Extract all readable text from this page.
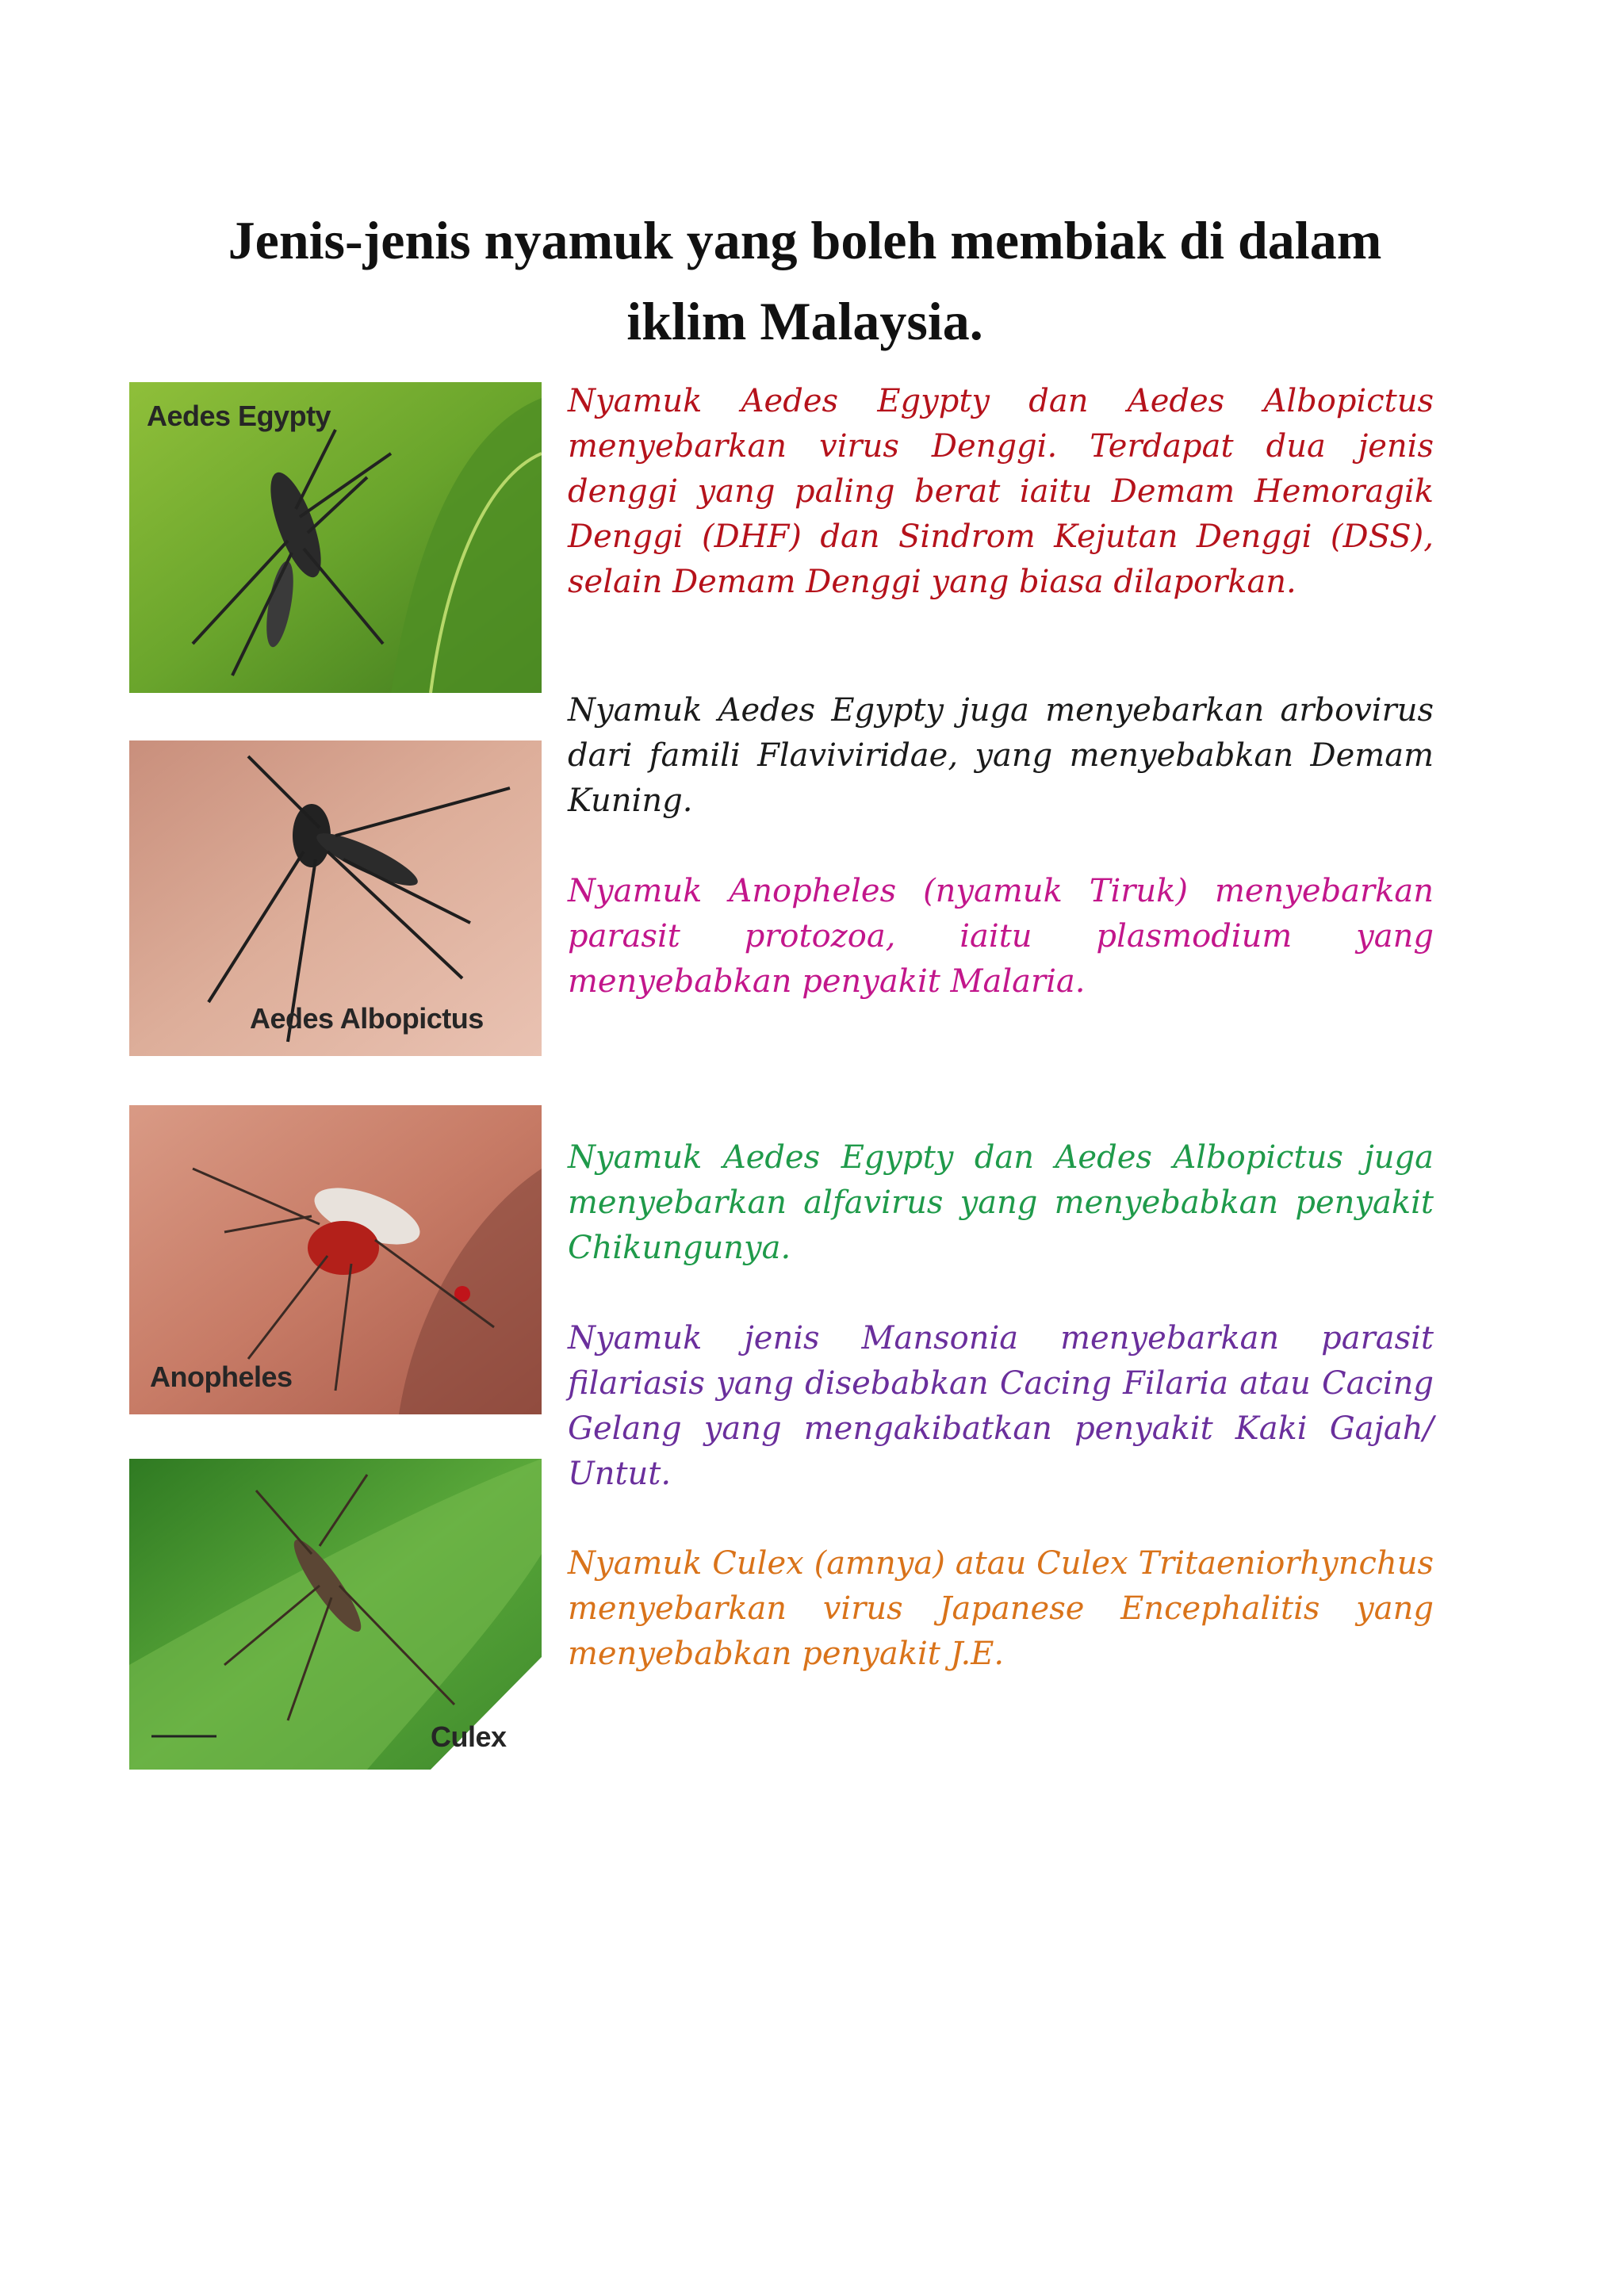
Jenis-jenis nyamuk yang boleh membiak di dalam
iklim Malaysia.
Aedes Egypty
Aedes Albopictus
Anopheles
Culex

Nyamuk Aedes Egypty dan Aedes Albopictus menyebarkan virus Denggi. Terdapat dua jenis denggi yang paling berat iaitu Demam Hemoragik Denggi (DHF) dan Sindrom Kejutan Denggi (DSS), selain Demam Denggi yang biasa dilaporkan.

Nyamuk Aedes Egypty juga menyebarkan arbovirus dari famili Flaviviridae, yang menyebabkan Demam Kuning.

Nyamuk Anopheles (nyamuk Tiruk) menyebarkan parasit protozoa, iaitu plasmodium yang menyebabkan penyakit Malaria.

Nyamuk Aedes Egypty dan Aedes Albopictus juga menyebarkan alfavirus yang menyebabkan penyakit Chikungunya.

Nyamuk jenis Mansonia menyebarkan parasit filariasis yang disebabkan Cacing Filaria atau Cacing Gelang yang mengakibatkan penyakit Kaki Gajah/ Untut.

Nyamuk Culex (amnya) atau Culex Tritaeniorhynchus menyebarkan virus Japanese Encephalitis yang menyebabkan penyakit J.E.
